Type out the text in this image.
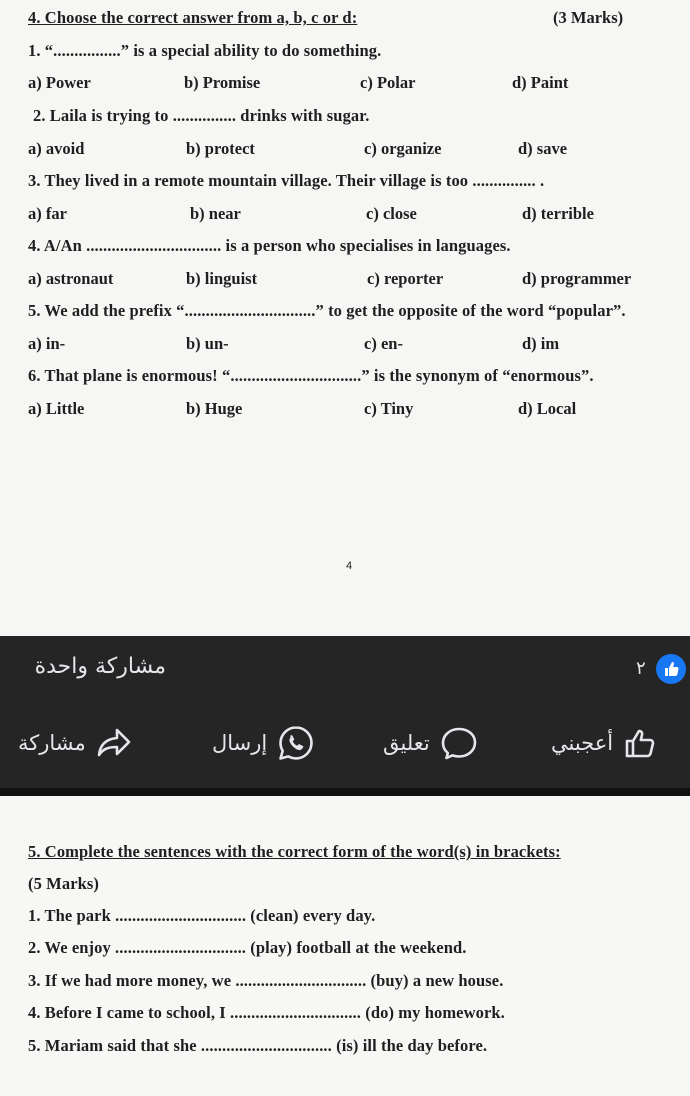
4. Choose the correct answer from a, b, c or d:	(3 Marks)
1. “................” is a special ability to do something.
a) Power	b) Promise	c) Polar	d) Paint
2. Laila is trying to ............... drinks with sugar.
a) avoid	b) protect	c) organize	d) save
3. They lived in a remote mountain village. Their village is too ............... .
a) far	b) near	c) close	d) terrible
4. A/An ................................ is a person who specialises in languages.
a) astronaut	b) linguist	c) reporter	d) programmer
5. We add the prefix “...............................” to get the opposite of the word “popular”.
a) in-	b) un-	c) en-	d) im
6. That plane is enormous! “...............................” is the synonym of “enormous”.
a) Little	b) Huge	c) Tiny	d) Local
4
مشاركة واحدة	٢
أعجبني
تعليق
إرسال
مشاركة
5. Complete the sentences with the correct form of the word(s) in brackets:
(5 Marks)
1. The park ............................... (clean) every day.
2. We enjoy ............................... (play) football at the weekend.
3. If we had more money, we ............................... (buy) a new house.
4. Before I came to school, I ............................... (do) my homework.
5. Mariam said that she ............................... (is) ill the day before.
